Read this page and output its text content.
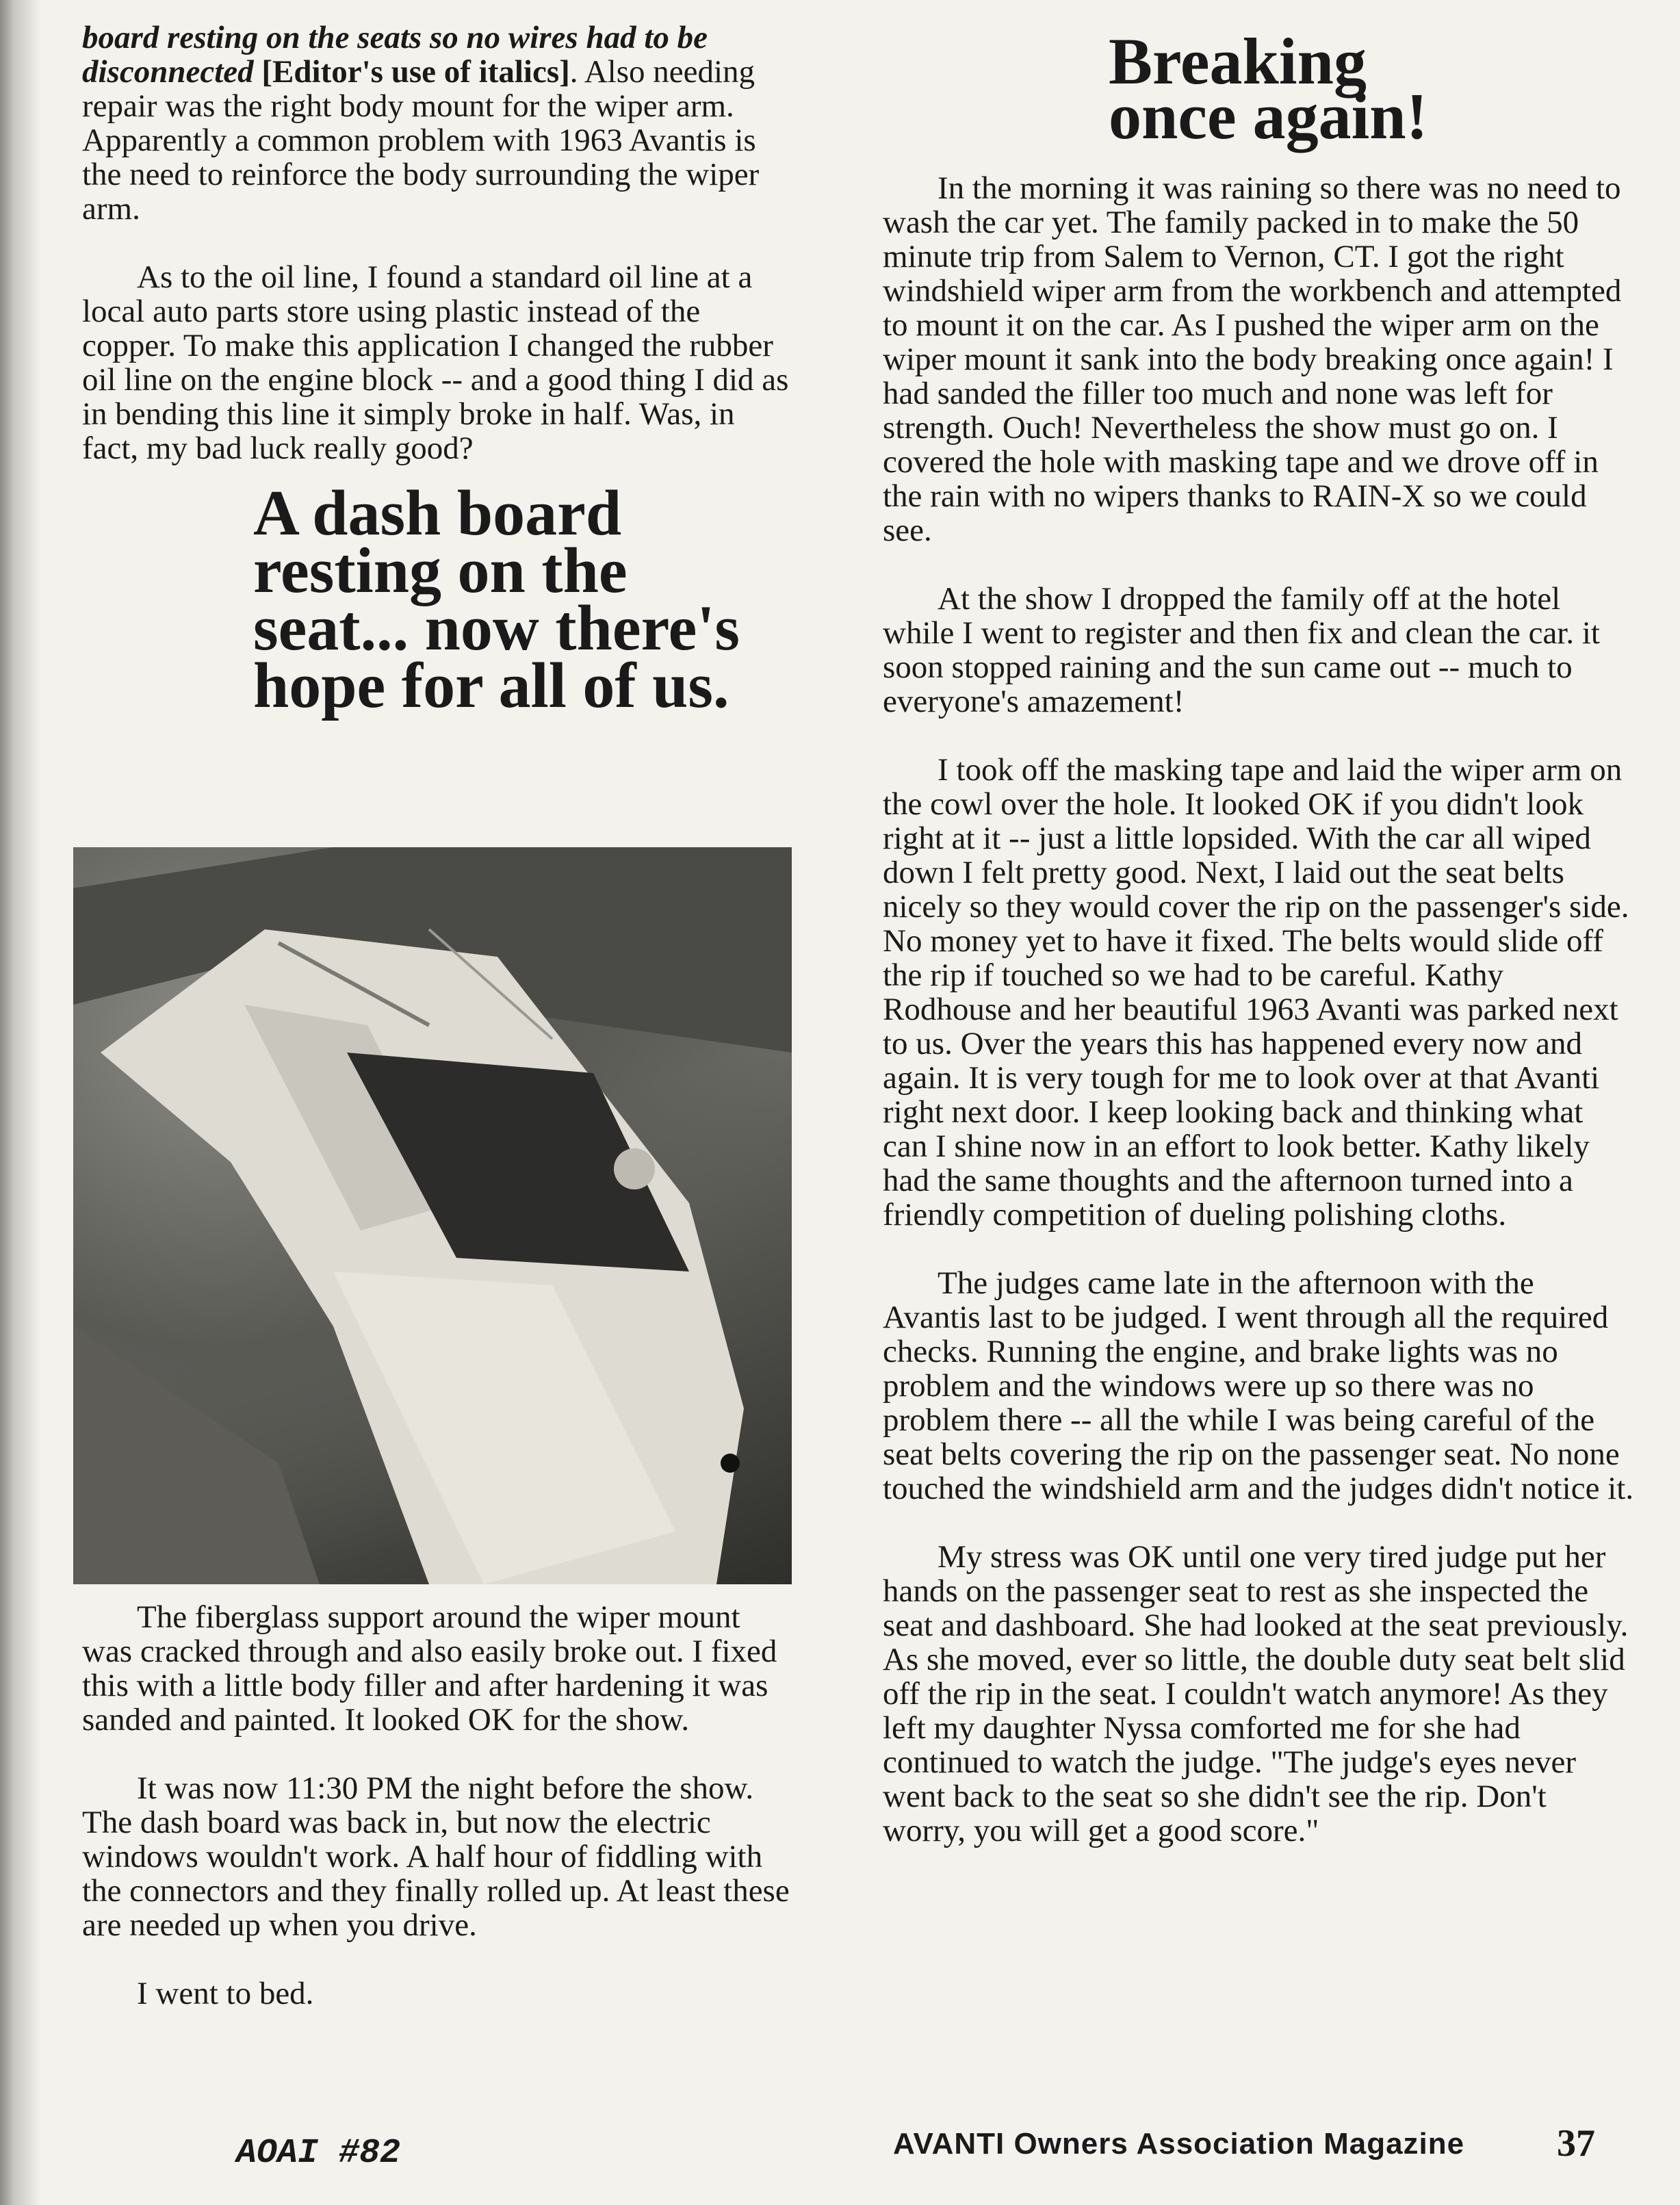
board resting on the seats so no wires had to be disconnected [Editor's use of italics]. Also needing repair was the right body mount for the wiper arm. Apparently a common problem with 1963 Avantis is the need to reinforce the body surrounding the wiper arm.

As to the oil line, I found a standard oil line at a local auto parts store using plastic instead of the copper. To make this application I changed the rubber oil line on the engine block -- and a good thing I did as in bending this line it simply broke in half. Was, in fact, my bad luck really good?

A dash board resting on the seat... now there's hope for all of us.

The fiberglass support around the wiper mount was cracked through and also easily broke out. I fixed this with a little body filler and after hardening it was sanded and painted. It looked OK for the show.

It was now 11:30 PM the night before the show. The dash board was back in, but now the electric windows wouldn't work. A half hour of fiddling with the connectors and they finally rolled up. At least these are needed up when you drive.

I went to bed.

Breaking once again!

In the morning it was raining so there was no need to wash the car yet. The family packed in to make the 50 minute trip from Salem to Vernon, CT. I got the right windshield wiper arm from the workbench and attempted to mount it on the car. As I pushed the wiper arm on the wiper mount it sank into the body breaking once again! I had sanded the filler too much and none was left for strength. Ouch! Nevertheless the show must go on. I covered the hole with masking tape and we drove off in the rain with no wipers thanks to RAIN-X so we could see.

At the show I dropped the family off at the hotel while I went to register and then fix and clean the car. it soon stopped raining and the sun came out -- much to everyone's amazement!

I took off the masking tape and laid the wiper arm on the cowl over the hole. It looked OK if you didn't look right at it -- just a little lopsided. With the car all wiped down I felt pretty good. Next, I laid out the seat belts nicely so they would cover the rip on the passenger's side. No money yet to have it fixed. The belts would slide off the rip if touched so we had to be careful. Kathy Rodhouse and her beautiful 1963 Avanti was parked next to us. Over the years this has happened every now and again. It is very tough for me to look over at that Avanti right next door. I keep looking back and thinking what can I shine now in an effort to look better. Kathy likely had the same thoughts and the afternoon turned into a friendly competition of dueling polishing cloths.

The judges came late in the afternoon with the Avantis last to be judged. I went through all the required checks. Running the engine, and brake lights was no problem and the windows were up so there was no problem there -- all the while I was being careful of the seat belts covering the rip on the passenger seat. No none touched the windshield arm and the judges didn't notice it.

My stress was OK until one very tired judge put her hands on the passenger seat to rest as she inspected the seat and dashboard. She had looked at the seat previously. As she moved, ever so little, the double duty seat belt slid off the rip in the seat. I couldn't watch anymore! As they left my daughter Nyssa comforted me for she had continued to watch the judge. "The judge's eyes never went back to the seat so she didn't see the rip. Don't worry, you will get a good score."

AOAI #82	AVANTI Owners Association Magazine 37
